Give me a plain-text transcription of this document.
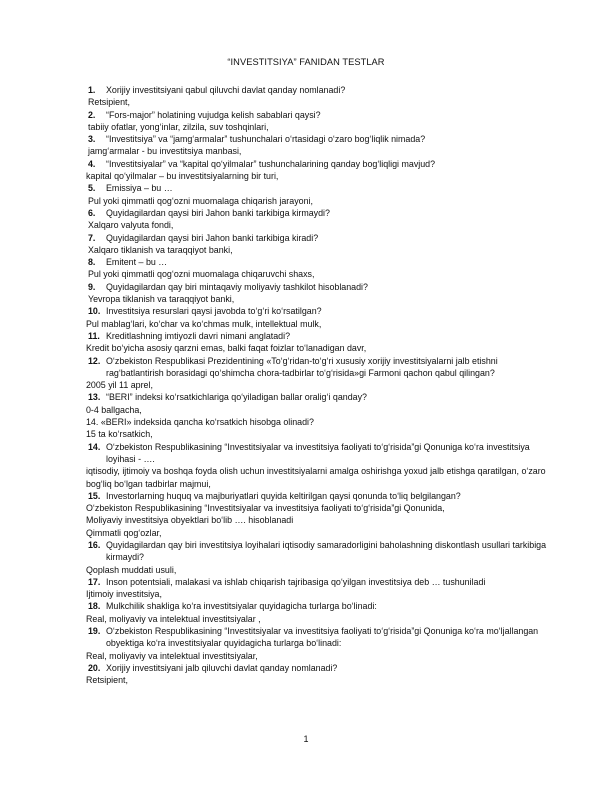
“INVESTITSIYA” FANIDAN TESTLAR
1. Xorijiy investitsiyani qabul qiluvchi davlat qanday nomlanadi?
Retsipient,
2. “Fors-major” holatining vujudga kelish sabablari qaysi?
tabiiy ofatlar, yong‘inlar, zilzila, suv toshqinlari,
3. “Investitsiya” va “jamg‘armalar” tushunchalari o‘rtasidagi o‘zaro bog‘liqlik nimada?
jamg‘armalar - bu investitsiya manbasi,
4. “Investitsiyalar” va “kapital qo‘yilmalar” tushunchalarining qanday bog‘liqligi mavjud?
kapital qo‘yilmalar – bu investitsiyalarning bir turi,
5. Emissiya – bu …
Pul yoki qimmatli qog‘ozni muomalaga chiqarish jarayoni,
6. Quyidagilardan qaysi biri Jahon banki tarkibiga kirmaydi?
Xalqaro valyuta fondi,
7. Quyidagilardan qaysi biri Jahon banki tarkibiga kiradi?
Xalqaro tiklanish va taraqqiyot banki,
8. Emitent – bu …
Pul yoki qimmatli qog‘ozni muomalaga chiqaruvchi shaxs,
9. Quyidagilardan qay biri mintaqaviy moliyaviy tashkilot hisoblanadi?
Yevropa tiklanish va taraqqiyot banki,
10. Investitsiya resurslari qaysi javobda to‘g‘ri ko‘rsatilgan?
Pul mablag‘lari, ko‘char va ko‘chmas mulk, intellektual mulk,
11. Kreditlashning imtiyozli davri nimani anglatadi?
Kredit bo‘yicha asosiy qarzni emas, balki faqat foizlar to‘lanadigan davr,
12. O‘zbekiston Respublikasi Prezidentining «To‘g‘ridan-to‘g‘ri xususiy xorijiy investitsiyalarni jalb etishni rag‘batlantirish borasidagi qo‘shimcha chora-tadbirlar to‘g‘risida»gi Farmoni qachon qabul qilingan?
2005 yil 11 aprel,
13. “BERI” indeksi ko‘rsatkichlariga qo‘yiladigan ballar oralig‘i qanday?
0-4 ballgacha,
14. «BERI» indeksida qancha ko‘rsatkich hisobga olinadi?
15 ta ko‘rsatkich,
14. O‘zbekiston Respublikasining “Investitsiyalar va investitsiya faoliyati to‘g‘risida”gi Qonuniga ko‘ra investitsiya loyihasi - ….
iqtisodiy, ijtimoiy va boshqa foyda olish uchun investitsiyalarni amalga oshirishga yoxud jalb etishga qaratilgan, o‘zaro bog‘liq bo‘lgan tadbirlar majmui,
15. Investorlarning huquq va majburiyatlari quyida keltirilgan qaysi qonunda to‘liq belgilangan?
O‘zbekiston Respublikasining “Investitsiyalar va investitsiya faoliyati to‘g‘risida”gi Qonunida,
Moliyaviy investitsiya obyektlari bo‘lib …. hisoblanadi
Qimmatli qog‘ozlar,
16. Quyidagilardan qay biri investitsiya loyihalari iqtisodiy samaradorligini baholashning diskontlash usullari tarkibiga kirmaydi?
Qoplash muddati usuli,
17. Inson potentsiali, malakasi va ishlab chiqarish tajribasiga qo‘yilgan investitsiya deb … tushuniladi
Ijtimoiy investitsiya,
18. Mulkchilik shakliga ko‘ra investitsiyalar quyidagicha turlarga bo‘linadi:
Real, moliyaviy va intelektual investitsiyalar ,
19. O‘zbekiston Respublikasining “Investitsiyalar va investitsiya faoliyati to‘g‘risida”gi Qonuniga ko‘ra mo‘ljallangan obyektiga ko‘ra investitsiyalar quyidagicha turlarga bo‘linadi:
Real, moliyaviy va intelektual investitsiyalar,
20. Xorijiy investitsiyani jalb qiluvchi davlat qanday nomlanadi?
Retsipient,
1
